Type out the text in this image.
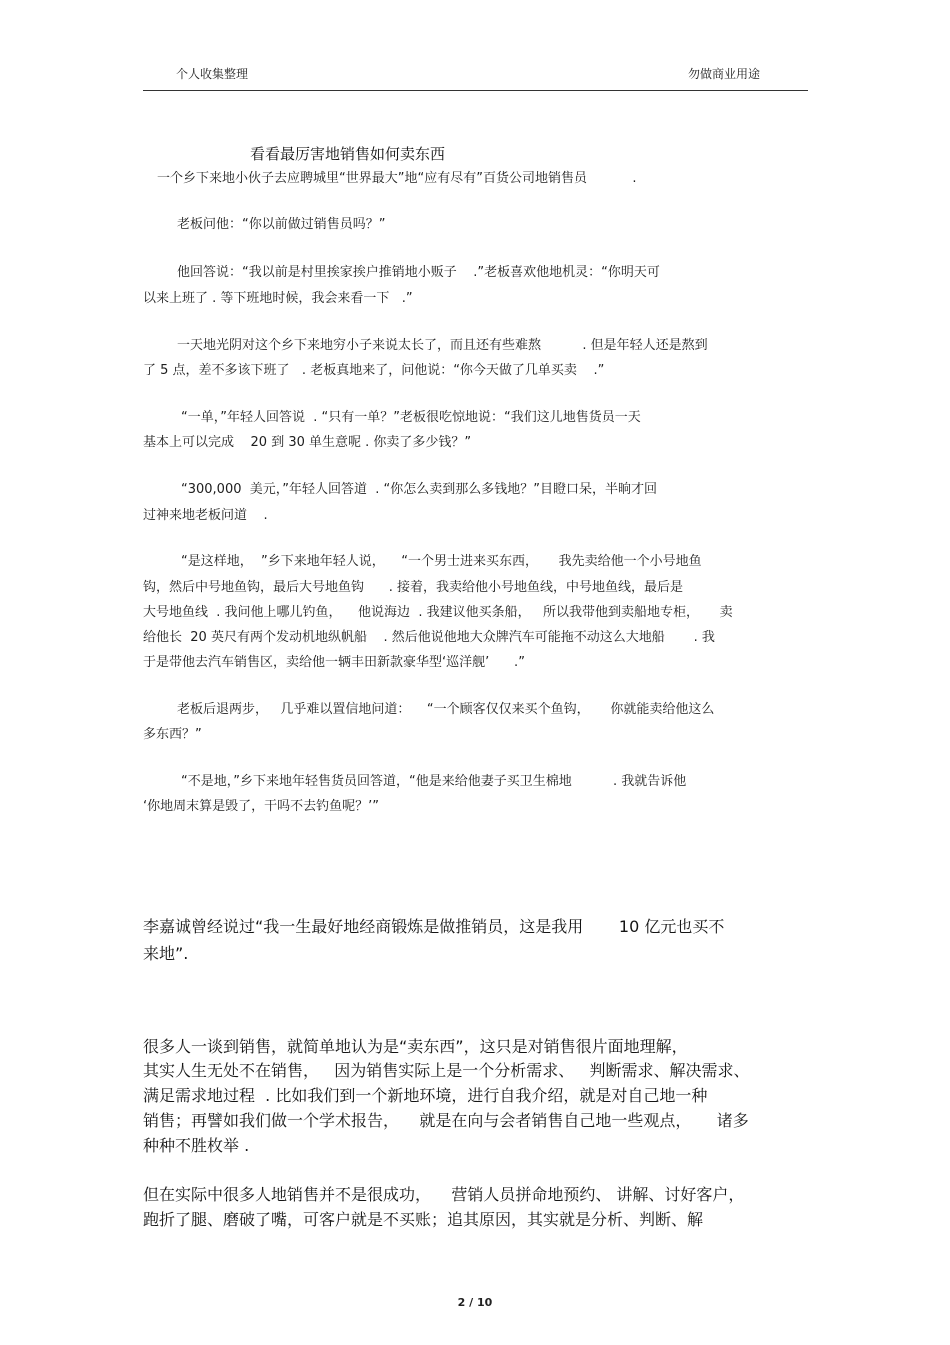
个人收集整理	勿做商业用途
看看最厉害地销售如何卖东西
一个乡下来地小伙子去应聘城里“世界最大”地“应有尽有”百货公司地销售员           .
老板问他：“你以前做过销售员吗？”
他回答说：“我以前是村里挨家挨户推销地小贩子    .”老板喜欢他地机灵：“你明天可
以来上班了 . 等下班地时候，我会来看一下   .”
一天地光阴对这个乡下来地穷小子来说太长了，而且还有些难熬          . 但是年轻人还是熬到
了 5 点，差不多该下班了   . 老板真地来了，问他说：“你今天做了几单买卖    .”
“一单，”年轻人回答说  . “只有一单？”老板很吃惊地说：“我们这儿地售货员一天
基本上可以完成    20 到 30 单生意呢 . 你卖了多少钱？”
“300,000  美元，”年轻人回答道  . “你怎么卖到那么多钱地？”目瞪口呆，半晌才回
过神来地老板问道    .
“是这样地，  ”乡下来地年轻人说，    “一个男士进来买东西，     我先卖给他一个小号地鱼
钩，然后中号地鱼钩，最后大号地鱼钩      . 接着，我卖给他小号地鱼线，中号地鱼线，最后是
大号地鱼线  . 我问他上哪儿钓鱼，    他说海边  . 我建议他买条船，   所以我带他到卖船地专柜，     卖
给他长  20 英尺有两个发动机地纵帆船    . 然后他说他地大众牌汽车可能拖不动这么大地船       . 我
于是带他去汽车销售区，卖给他一辆丰田新款豪华型‘巡洋舰’      .”
老板后退两步，   几乎难以置信地问道：    “一个顾客仅仅来买个鱼钩，     你就能卖给他这么
多东西？”
“不是地，”乡下来地年轻售货员回答道，“他是来给他妻子买卫生棉地          . 我就告诉他
‘你地周末算是毁了，干吗不去钓鱼呢？’”
李嘉诚曾经说过“我一生最好地经商锻炼是做推销员，这是我用       10 亿元也买不
来地”.
很多人一谈到销售，就简单地认为是“卖东西”，这只是对销售很片面地理解，
其实人生无处不在销售，   因为销售实际上是一个分析需求、   判断需求、解决需求、
满足需求地过程  . 比如我们到一个新地环境，进行自我介绍，就是对自己地一种
销售；再譬如我们做一个学术报告，    就是在向与会者销售自己地一些观点，     诸多
种种不胜枚举 .
但在实际中很多人地销售并不是很成功，    营销人员拼命地预约、 讲解、讨好客户，
跑折了腿、磨破了嘴，可客户就是不买账；追其原因，其实就是分析、判断、解
2 / 10
